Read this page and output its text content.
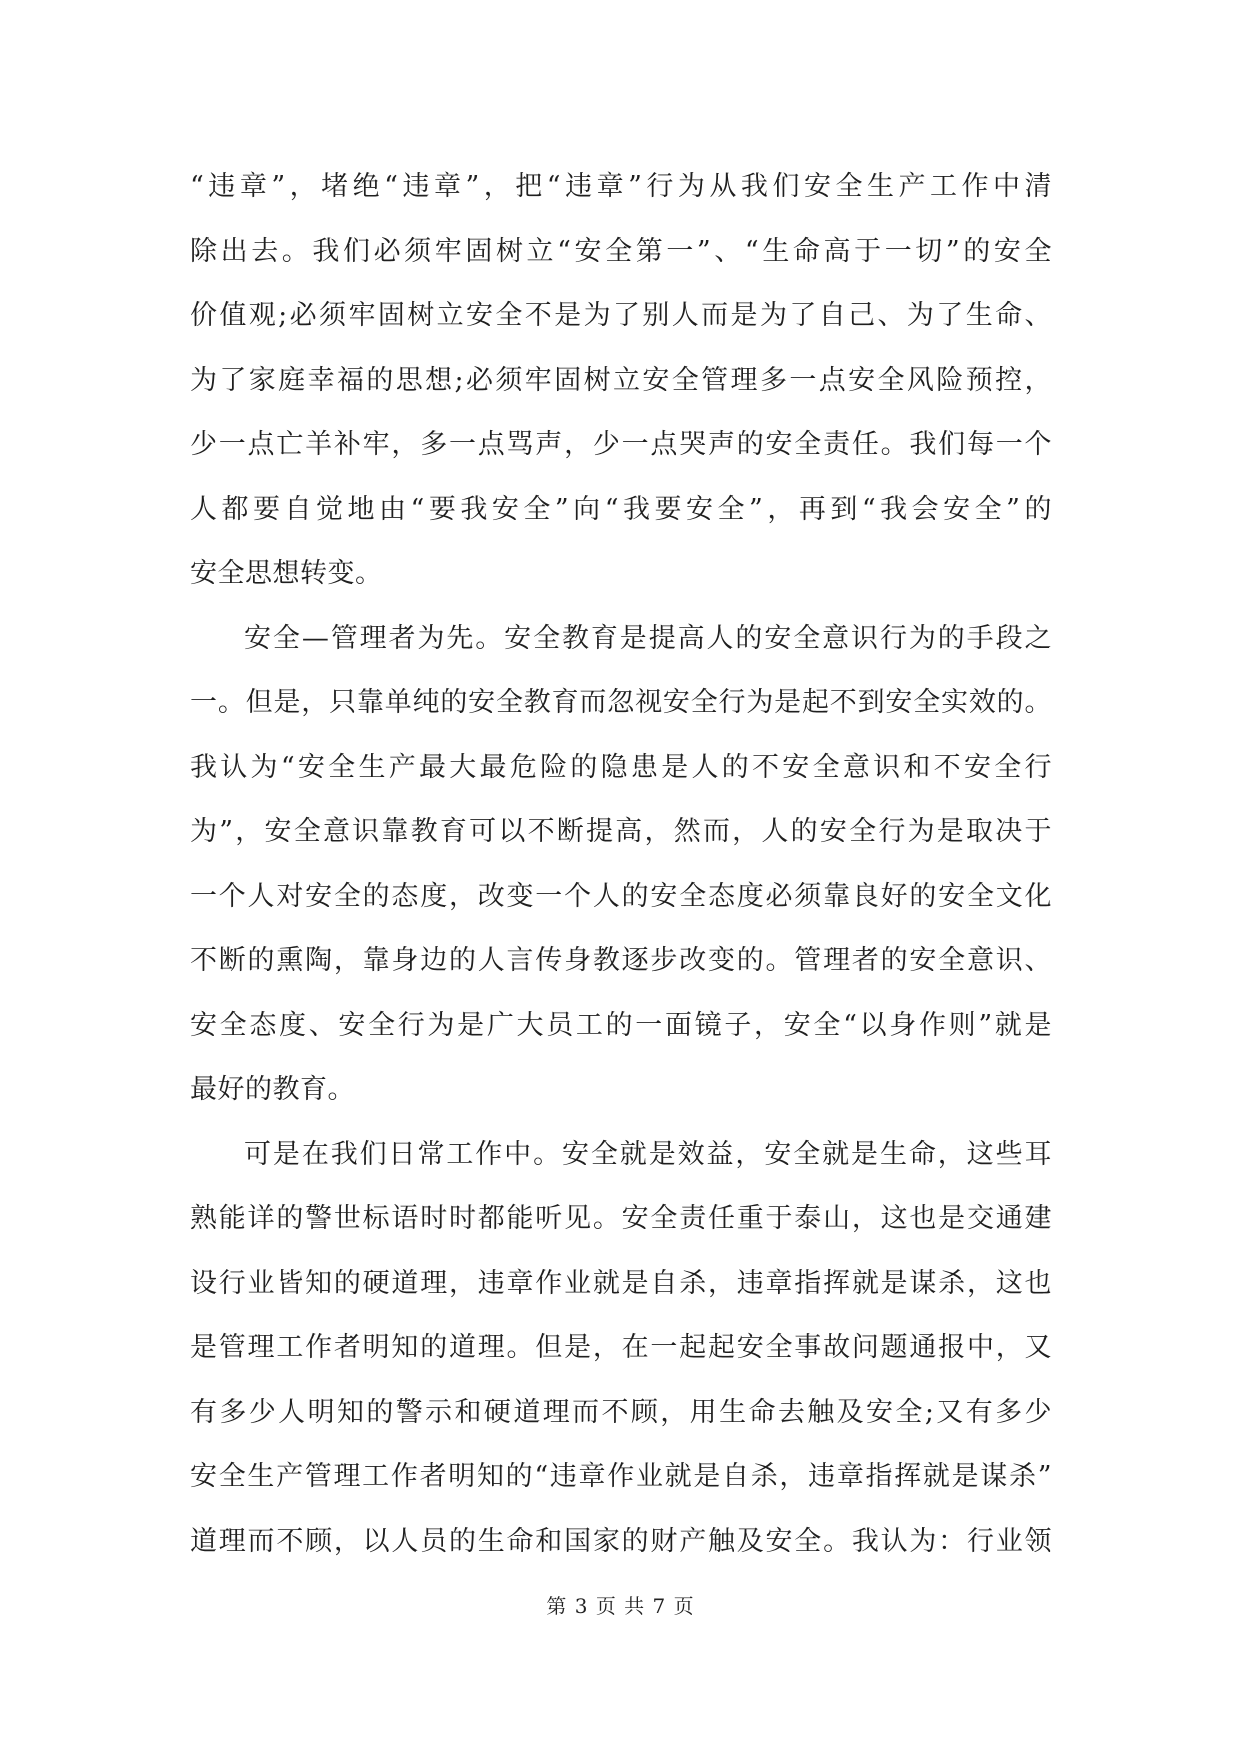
“违章”，堵绝“违章”，把“违章”行为从我们安全生产工作中清
除出去。我们必须牢固树立“安全第一”、“生命高于一切”的安全
价值观;必须牢固树立安全不是为了别人而是为了自己、为了生命、
为了家庭幸福的思想;必须牢固树立安全管理多一点安全风险预控，
少一点亡羊补牢，多一点骂声，少一点哭声的安全责任。我们每一个
人都要自觉地由“要我安全”向“我要安全”，再到“我会安全”的
安全思想转变。
安全—管理者为先。安全教育是提高人的安全意识行为的手段之
一。但是，只靠单纯的安全教育而忽视安全行为是起不到安全实效的。
我认为“安全生产最大最危险的隐患是人的不安全意识和不安全行
为”，安全意识靠教育可以不断提高，然而，人的安全行为是取决于
一个人对安全的态度，改变一个人的安全态度必须靠良好的安全文化
不断的熏陶，靠身边的人言传身教逐步改变的。管理者的安全意识、
安全态度、安全行为是广大员工的一面镜子，安全“以身作则”就是
最好的教育。
可是在我们日常工作中。安全就是效益，安全就是生命，这些耳
熟能详的警世标语时时都能听见。安全责任重于泰山，这也是交通建
设行业皆知的硬道理，违章作业就是自杀，违章指挥就是谋杀，这也
是管理工作者明知的道理。但是，在一起起安全事故问题通报中，又
有多少人明知的警示和硬道理而不顾，用生命去触及安全;又有多少
安全生产管理工作者明知的“违章作业就是自杀，违章指挥就是谋杀”
道理而不顾，以人员的生命和国家的财产触及安全。我认为：行业领
第 3 页 共 7 页
